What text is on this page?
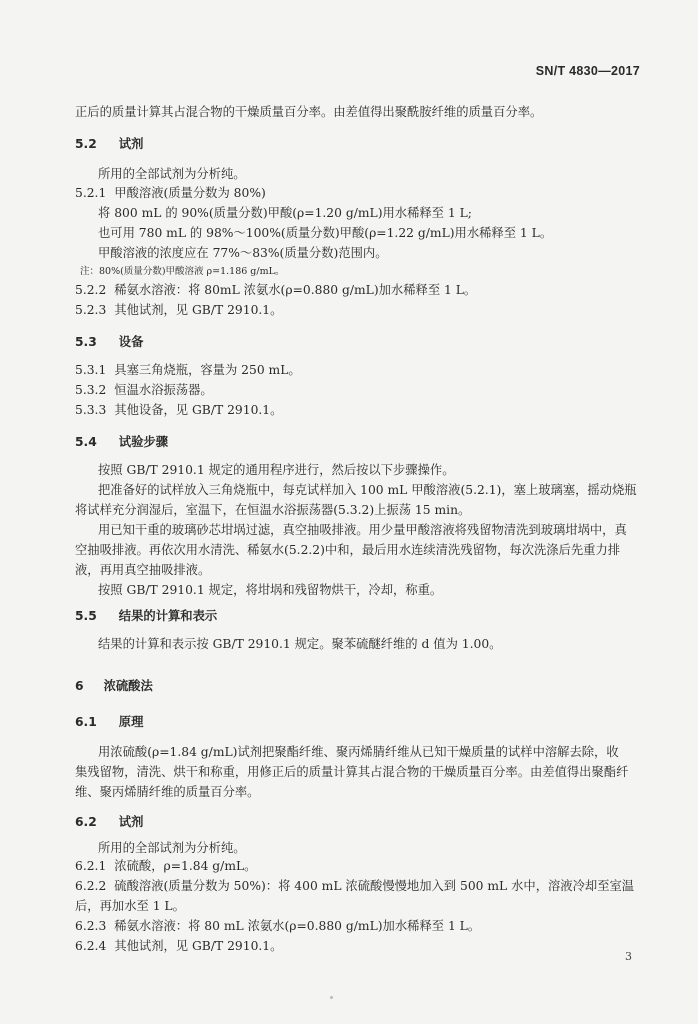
SN/T 4830—2017
正后的质量计算其占混合物的干燥质量百分率。由差值得出聚酰胺纤维的质量百分率。
5.2 试剂
所用的全部试剂为分析纯。
5.2.1 甲酸溶液(质量分数为 80%)
将 800 mL 的 90%(质量分数)甲酸(ρ=1.20 g/mL)用水稀释至 1 L;
也可用 780 mL 的 98%～100%(质量分数)甲酸(ρ=1.22 g/mL)用水稀释至 1 L。
甲酸溶液的浓度应在 77%～83%(质量分数)范围内。
注：80%(质量分数)甲酸溶液 ρ=1.186 g/mL。
5.2.2 稀氨水溶液：将 80mL 浓氨水(ρ=0.880 g/mL)加水稀释至 1 L。
5.2.3 其他试剂，见 GB/T 2910.1。
5.3 设备
5.3.1 具塞三角烧瓶，容量为 250 mL。
5.3.2 恒温水浴振荡器。
5.3.3 其他设备，见 GB/T 2910.1。
5.4 试验步骤
按照 GB/T 2910.1 规定的通用程序进行，然后按以下步骤操作。
把准备好的试样放入三角烧瓶中，每克试样加入 100 mL 甲酸溶液(5.2.1)，塞上玻璃塞，摇动烧瓶
将试样充分润湿后，室温下，在恒温水浴振荡器(5.3.2)上振荡 15 min。
用已知干重的玻璃砂芯坩埚过滤，真空抽吸排液。用少量甲酸溶液将残留物清洗到玻璃坩埚中，真
空抽吸排液。再依次用水清洗、稀氨水(5.2.2)中和，最后用水连续清洗残留物，每次洗涤后先重力排
液，再用真空抽吸排液。
按照 GB/T 2910.1 规定，将坩埚和残留物烘干，冷却，称重。
5.5 结果的计算和表示
结果的计算和表示按 GB/T 2910.1 规定。聚苯硫醚纤维的 d 值为 1.00。
6 浓硫酸法
6.1 原理
用浓硫酸(ρ=1.84 g/mL)试剂把聚酯纤维、聚丙烯腈纤维从已知干燥质量的试样中溶解去除，收
集残留物，清洗、烘干和称重，用修正后的质量计算其占混合物的干燥质量百分率。由差值得出聚酯纤
维、聚丙烯腈纤维的质量百分率。
6.2 试剂
所用的全部试剂为分析纯。
6.2.1 浓硫酸，ρ=1.84 g/mL。
6.2.2 硫酸溶液(质量分数为 50%)：将 400 mL 浓硫酸慢慢地加入到 500 mL 水中，溶液冷却至室温
后，再加水至 1 L。
6.2.3 稀氨水溶液：将 80 mL 浓氨水(ρ=0.880 g/mL)加水稀释至 1 L。
6.2.4 其他试剂，见 GB/T 2910.1。
3
